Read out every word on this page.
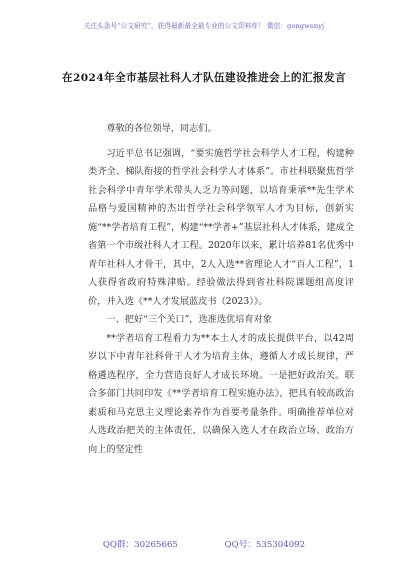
关注头条号“公文研究”，获得最新最全最专业的公文资料库！ 微信：gongwenyj
在2024年全市基层社科人才队伍建设推进会上的汇报发言

尊敬的各位领导，同志们。

习近平总书记强调，“要实施哲学社会科学人才工程，构建种类齐全、梯队衔接的哲学社会科学人才体系”。市社科联聚焦哲学社会科学中青年学术带头人乏力等问题，以培育秉承**先生学术品格与爱国精神的杰出哲学社会科学领军人才为目标，创新实施“**学者培育工程”，构建“**学者+”基层社科人才体系，建成全省第一个市级社科人才工程。2020年以来，累计培养81名优秀中青年社科人才骨干，其中，2人入选**省理论人才“百人工程”，1人获得省政府特殊津贴。经验做法得到省社科院课题组高度评价，并入选《**人才发展蓝皮书（2023）》。

一、把好“三个关口”，选准选优培育对象

**学者培育工程看力为**本土人才的成长提供平台，以42周岁以下中青年社科骨干人才为培育主体，遵循人才成长规律，严格遴选程序，全力营造良好人才成长环境。一是把好政治关。联合多部门共同印发《**学者培育工程实施办法》，把具有较高政治素质和马克思主义理论素养作为首要考量条件。明确推荐单位对人选政治把关的主体责任，以确保入选人才在政治立场、政治方向上的坚定性

QQ群：30265665	QQ号：535304092
